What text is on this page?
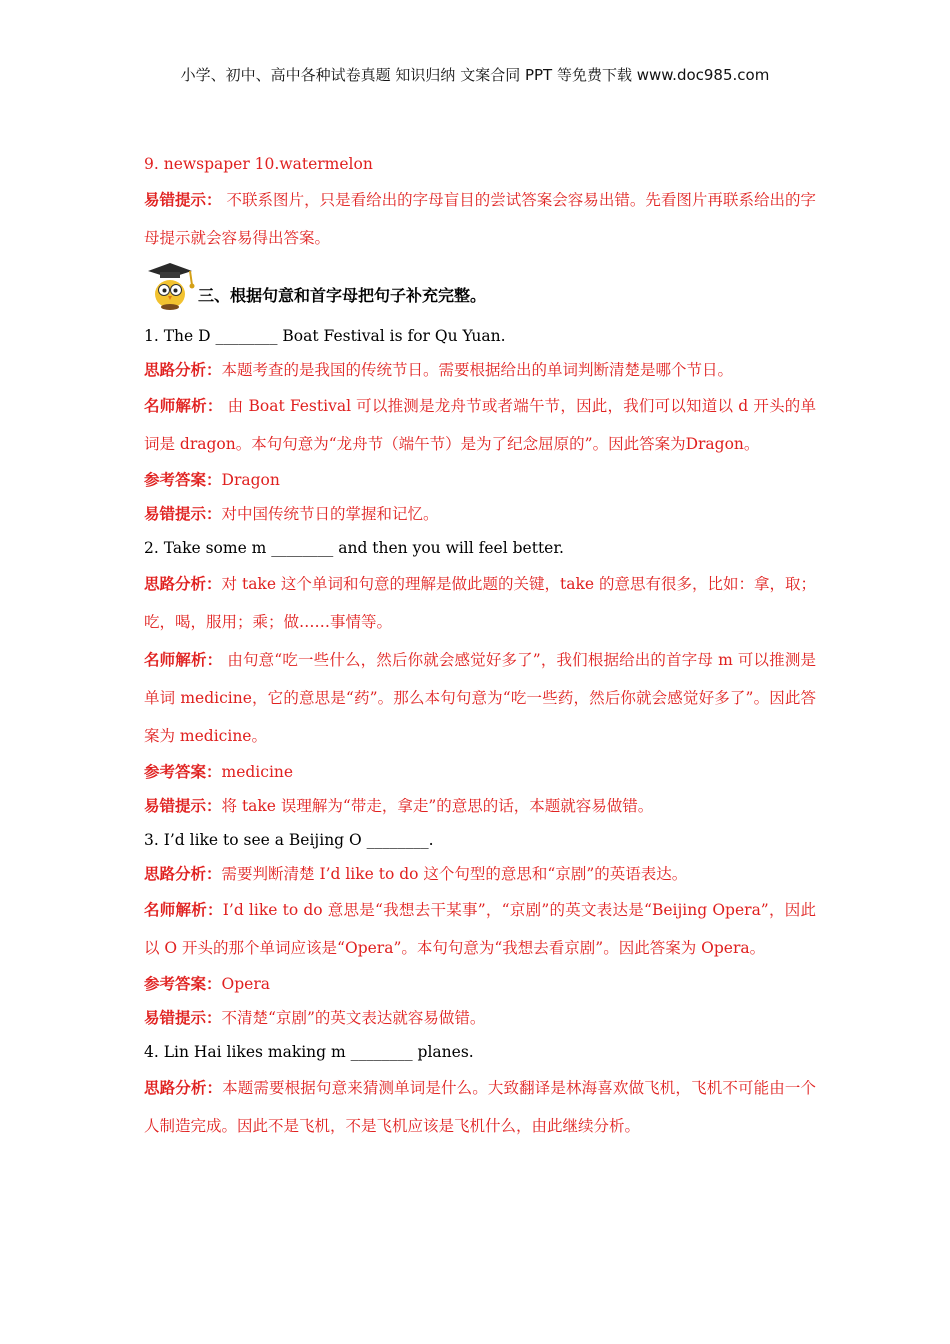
小学、初中、高中各种试卷真题 知识归纳 文案合同 PPT 等免费下载 www.doc985.com
9. newspaper 10.watermelon
易错提示： 不联系图片，只是看给出的字母盲目的尝试答案会容易出错。先看图片再联系给出的字母提示就会容易得出答案。
三、根据句意和首字母把句子补充完整。
1. The D ________ Boat Festival is for Qu Yuan.
思路分析：本题考查的是我国的传统节日。需要根据给出的单词判断清楚是哪个节日。
名师解析： 由 Boat Festival 可以推测是龙舟节或者端午节，因此，我们可以知道以 d 开头的单词是 dragon。本句句意为“龙舟节（端午节）是为了纪念屈原的”。因此答案为Dragon。
参考答案：Dragon
易错提示：对中国传统节日的掌握和记忆。
2. Take some m ________ and then you will feel better.
思路分析：对 take 这个单词和句意的理解是做此题的关键，take 的意思有很多，比如：拿，取；吃，喝，服用；乘；做……事情等。
名师解析： 由句意“吃一些什么，然后你就会感觉好多了”，我们根据给出的首字母 m 可以推测是单词 medicine，它的意思是“药”。那么本句句意为“吃一些药，然后你就会感觉好多了”。因此答案为 medicine。
参考答案：medicine
易错提示：将 take 误理解为“带走，拿走”的意思的话，本题就容易做错。
3. I’d like to see a Beijing O ________.
思路分析：需要判断清楚 I’d like to do 这个句型的意思和“京剧”的英语表达。
名师解析：I’d like to do 意思是“我想去干某事”，“京剧”的英文表达是“Beijing Opera”，因此以 O 开头的那个单词应该是“Opera”。本句句意为“我想去看京剧”。因此答案为 Opera。
参考答案：Opera
易错提示：不清楚“京剧”的英文表达就容易做错。
4. Lin Hai likes making m ________ planes.
思路分析：本题需要根据句意来猜测单词是什么。大致翻译是林海喜欢做飞机，飞机不可能由一个人制造完成。因此不是飞机，不是飞机应该是飞机什么，由此继续分析。
